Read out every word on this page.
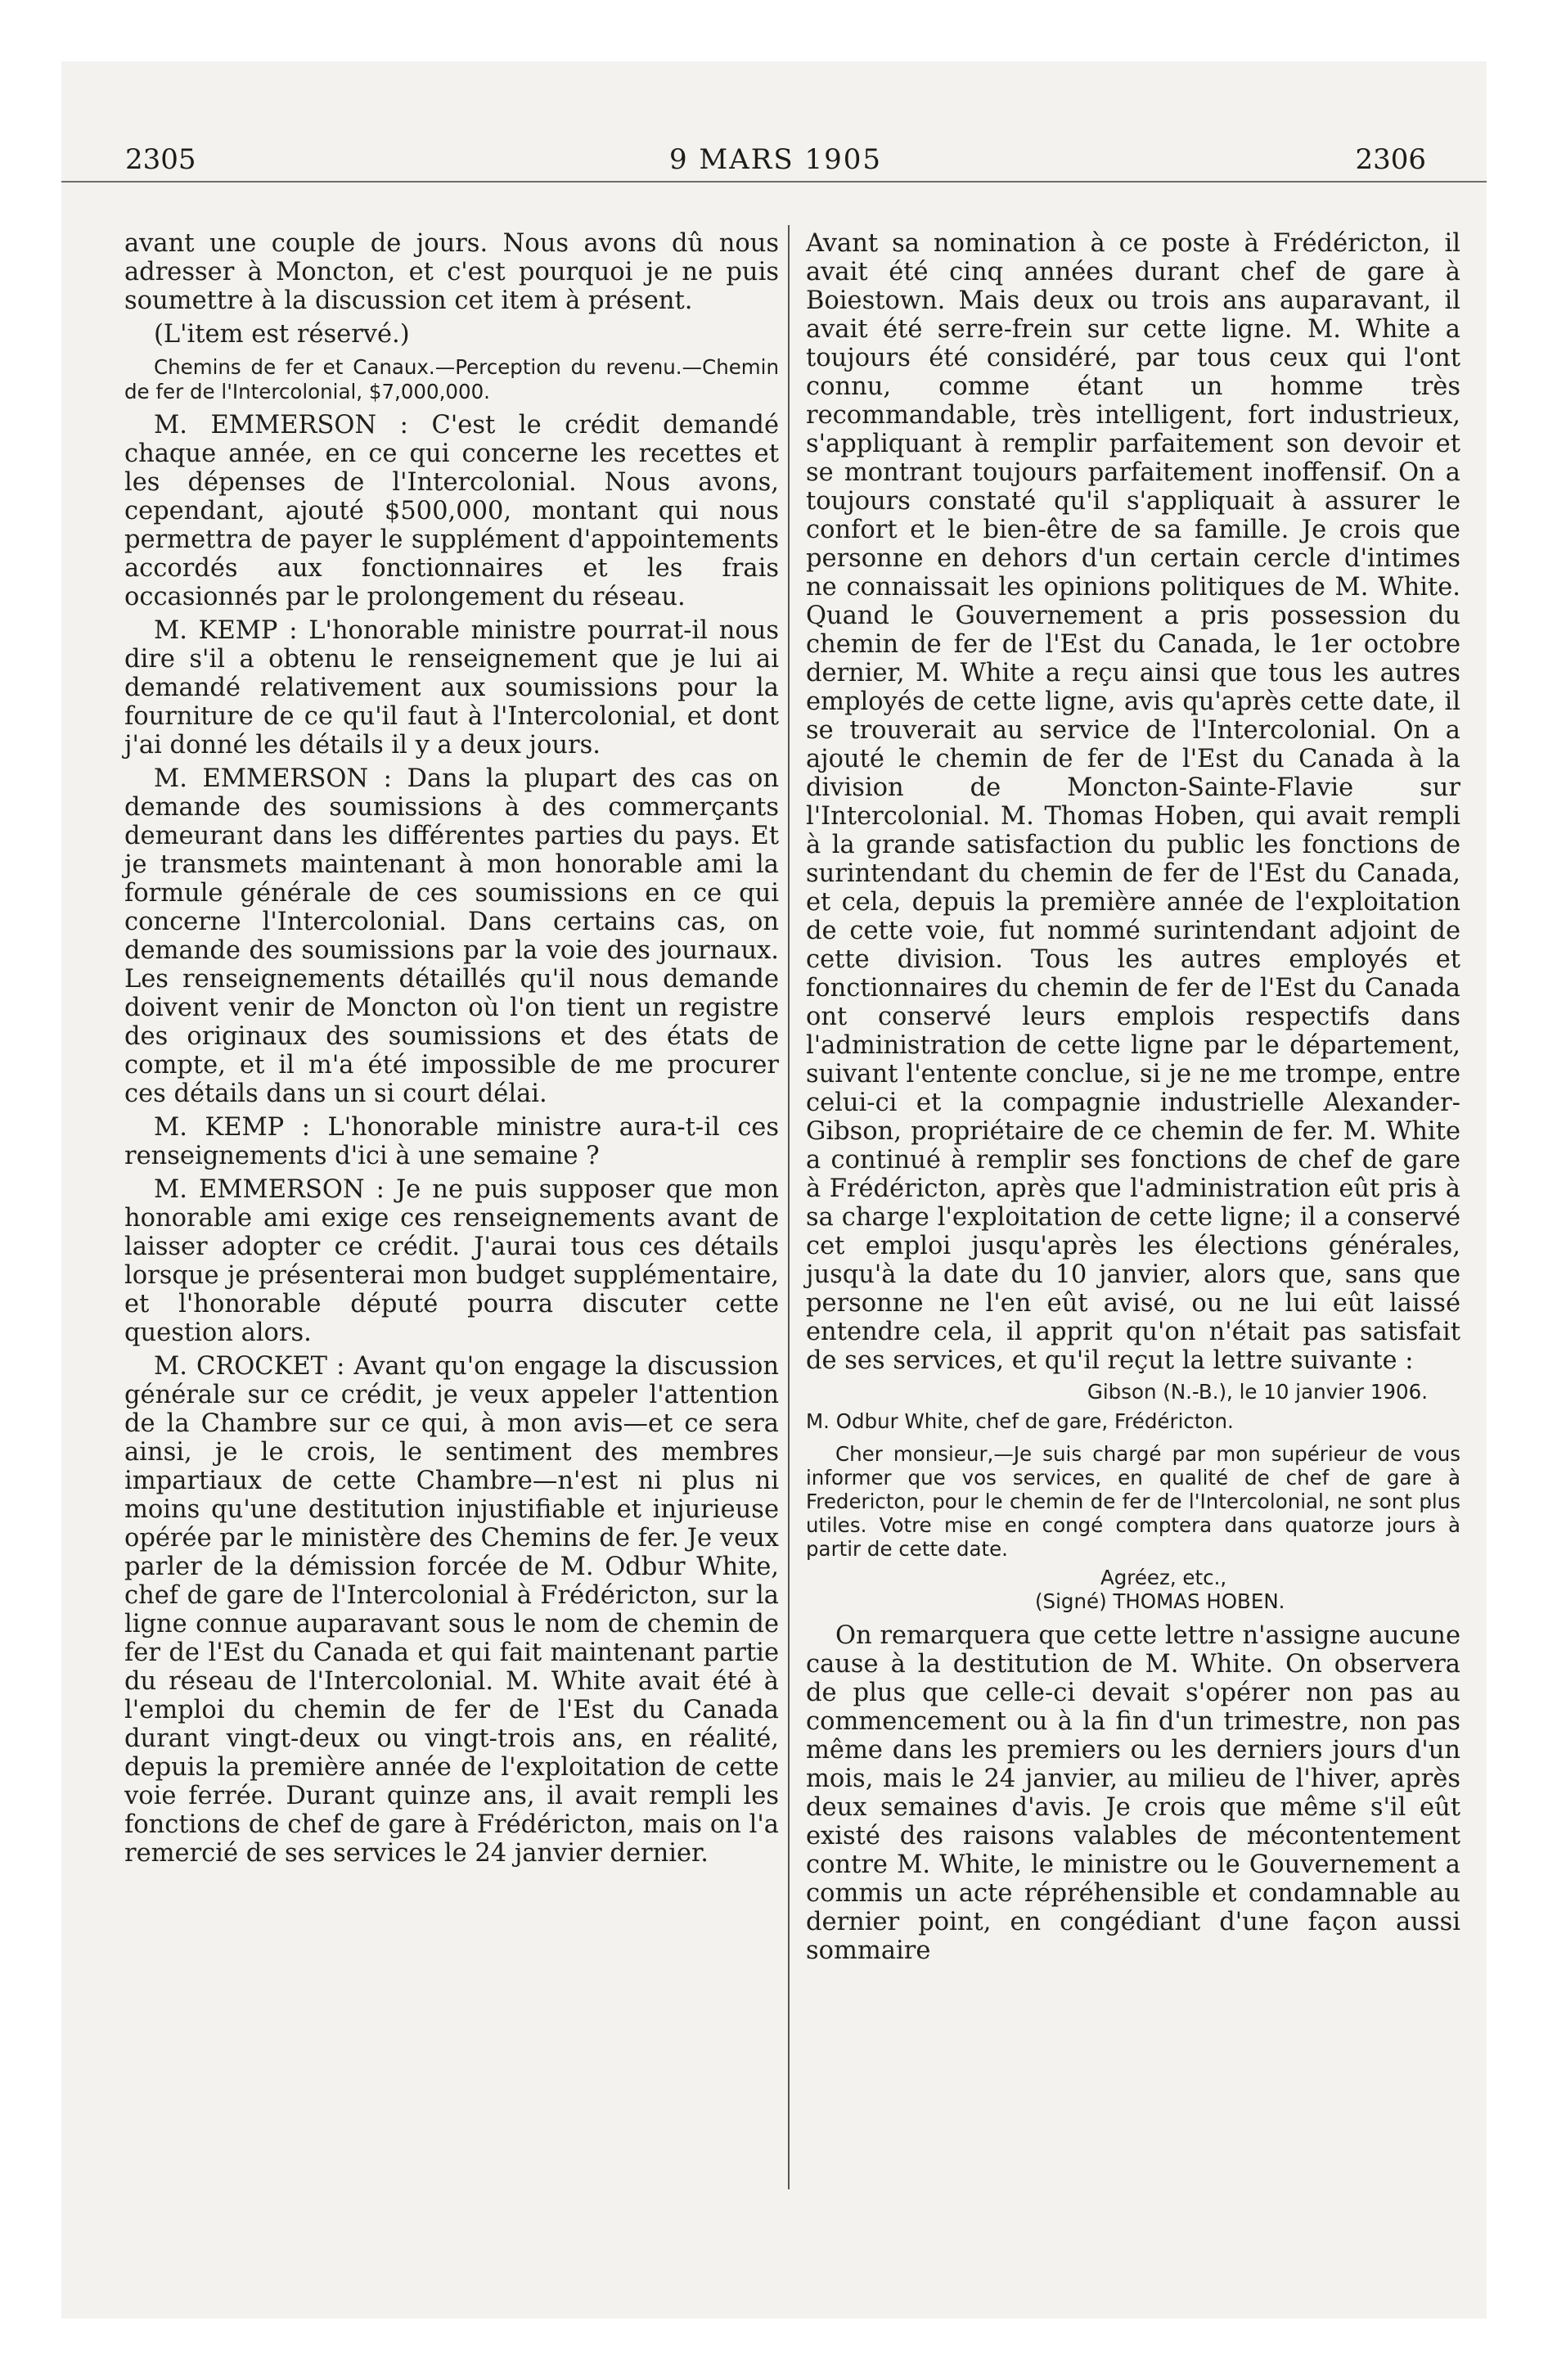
2305	9 MARS 1905	2306

avant une couple de jours. Nous avons dû nous adresser à Moncton, et c'est pourquoi je ne puis soumettre à la discussion cet item à présent.

(L'item est réservé.)

Chemins de fer et Canaux.—Perception du revenu.—Chemin de fer de l'Intercolonial, $7,000,000.

M. EMMERSON : C'est le crédit demandé chaque année, en ce qui concerne les recettes et les dépenses de l'Intercolonial. Nous avons, cependant, ajouté $500,000, montant qui nous permettra de payer le supplément d'appointements accordés aux fonctionnaires et les frais occasionnés par le prolongement du réseau.

M. KEMP : L'honorable ministre pourrat-il nous dire s'il a obtenu le renseignement que je lui ai demandé relativement aux soumissions pour la fourniture de ce qu'il faut à l'Intercolonial, et dont j'ai donné les détails il y a deux jours.

M. EMMERSON : Dans la plupart des cas on demande des soumissions à des commerçants demeurant dans les différentes parties du pays. Et je transmets maintenant à mon honorable ami la formule générale de ces soumissions en ce qui concerne l'Intercolonial. Dans certains cas, on demande des soumissions par la voie des journaux. Les renseignements détaillés qu'il nous demande doivent venir de Moncton où l'on tient un registre des originaux des soumissions et des états de compte, et il m'a été impossible de me procurer ces détails dans un si court délai.

M. KEMP : L'honorable ministre aura-t-il ces renseignements d'ici à une semaine ?

M. EMMERSON : Je ne puis supposer que mon honorable ami exige ces renseignements avant de laisser adopter ce crédit. J'aurai tous ces détails lorsque je présenterai mon budget supplémentaire, et l'honorable député pourra discuter cette question alors.

M. CROCKET : Avant qu'on engage la discussion générale sur ce crédit, je veux appeler l'attention de la Chambre sur ce qui, à mon avis—et ce sera ainsi, je le crois, le sentiment des membres impartiaux de cette Chambre—n'est ni plus ni moins qu'une destitution injustifiable et injurieuse opérée par le ministère des Chemins de fer. Je veux parler de la démission forcée de M. Odbur White, chef de gare de l'Intercolonial à Frédéricton, sur la ligne connue auparavant sous le nom de chemin de fer de l'Est du Canada et qui fait maintenant partie du réseau de l'Intercolonial. M. White avait été à l'emploi du chemin de fer de l'Est du Canada durant vingt-deux ou vingt-trois ans, en réalité, depuis la première année de l'exploitation de cette voie ferrée. Durant quinze ans, il avait rempli les fonctions de chef de gare à Frédéricton, mais on l'a remercié de ses services le 24 janvier dernier.

Avant sa nomination à ce poste à Frédéricton, il avait été cinq années durant chef de gare à Boiestown. Mais deux ou trois ans auparavant, il avait été serre-frein sur cette ligne. M. White a toujours été considéré, par tous ceux qui l'ont connu, comme étant un homme très recommandable, très intelligent, fort industrieux, s'appliquant à remplir parfaitement son devoir et se montrant toujours parfaitement inoffensif. On a toujours constaté qu'il s'appliquait à assurer le confort et le bien-être de sa famille. Je crois que personne en dehors d'un certain cercle d'intimes ne connaissait les opinions politiques de M. White. Quand le Gouvernement a pris possession du chemin de fer de l'Est du Canada, le 1er octobre dernier, M. White a reçu ainsi que tous les autres employés de cette ligne, avis qu'après cette date, il se trouverait au service de l'Intercolonial. On a ajouté le chemin de fer de l'Est du Canada à la division de Moncton-Sainte-Flavie sur l'Intercolonial. M. Thomas Hoben, qui avait rempli à la grande satisfaction du public les fonctions de surintendant du chemin de fer de l'Est du Canada, et cela, depuis la première année de l'exploitation de cette voie, fut nommé surintendant adjoint de cette division. Tous les autres employés et fonctionnaires du chemin de fer de l'Est du Canada ont conservé leurs emplois respectifs dans l'administration de cette ligne par le département, suivant l'entente conclue, si je ne me trompe, entre celui-ci et la compagnie industrielle Alexander-Gibson, propriétaire de ce chemin de fer. M. White a continué à remplir ses fonctions de chef de gare à Frédéricton, après que l'administration eût pris à sa charge l'exploitation de cette ligne; il a conservé cet emploi jusqu'après les élections générales, jusqu'à la date du 10 janvier, alors que, sans que personne ne l'en eût avisé, ou ne lui eût laissé entendre cela, il apprit qu'on n'était pas satisfait de ses services, et qu'il reçut la lettre suivante :

Gibson (N.-B.), le 10 janvier 1906.

M. Odbur White, chef de gare, Frédéricton.

Cher monsieur,—Je suis chargé par mon supérieur de vous informer que vos services, en qualité de chef de gare à Fredericton, pour le chemin de fer de l'Intercolonial, ne sont plus utiles. Votre mise en congé comptera dans quatorze jours à partir de cette date.

Agréez, etc.,

(Signé) THOMAS HOBEN.

On remarquera que cette lettre n'assigne aucune cause à la destitution de M. White. On observera de plus que celle-ci devait s'opérer non pas au commencement ou à la fin d'un trimestre, non pas même dans les premiers ou les derniers jours d'un mois, mais le 24 janvier, au milieu de l'hiver, après deux semaines d'avis. Je crois que même s'il eût existé des raisons valables de mécontentement contre M. White, le ministre ou le Gouvernement a commis un acte répréhensible et condamnable au dernier point, en congédiant d'une façon aussi sommaire
